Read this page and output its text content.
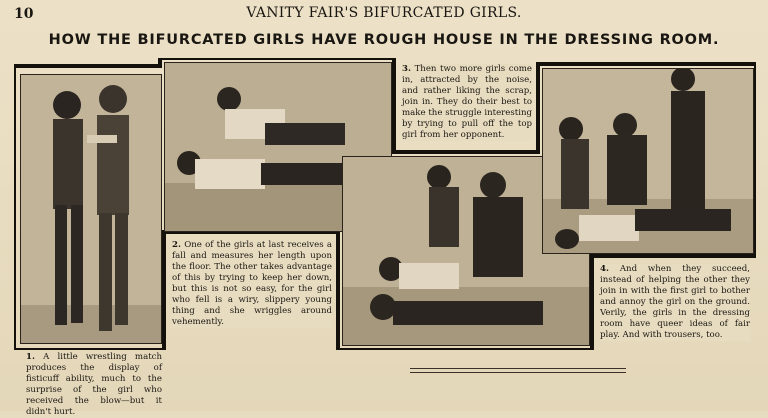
10	VANITY FAIR'S BIFURCATED GIRLS.
HOW THE BIFURCATED GIRLS HAVE ROUGH HOUSE IN THE DRESSING ROOM.
2. One of the girls at last receives a fall and measures her length upon the floor. The other takes advantage of this by trying to keep her down, but this is not so easy, for the girl who fell is a wiry, slippery young thing and she wriggles around vehemently.
3. Then two more girls come in, attracted by the noise, and rather liking the scrap, join in. They do their best to make the struggle interesting by trying to pull off the top girl from her opponent.
4. And when they succeed, instead of helping the other they join in with the first girl to bother and annoy the girl on the ground. Verily, the girls in the dressing room have queer ideas of fair play. And with trousers, too.
1. A little wrestling match produces the display of fisticuff ability, much to the surprise of the girl who received the blow—but it didn't hurt.
